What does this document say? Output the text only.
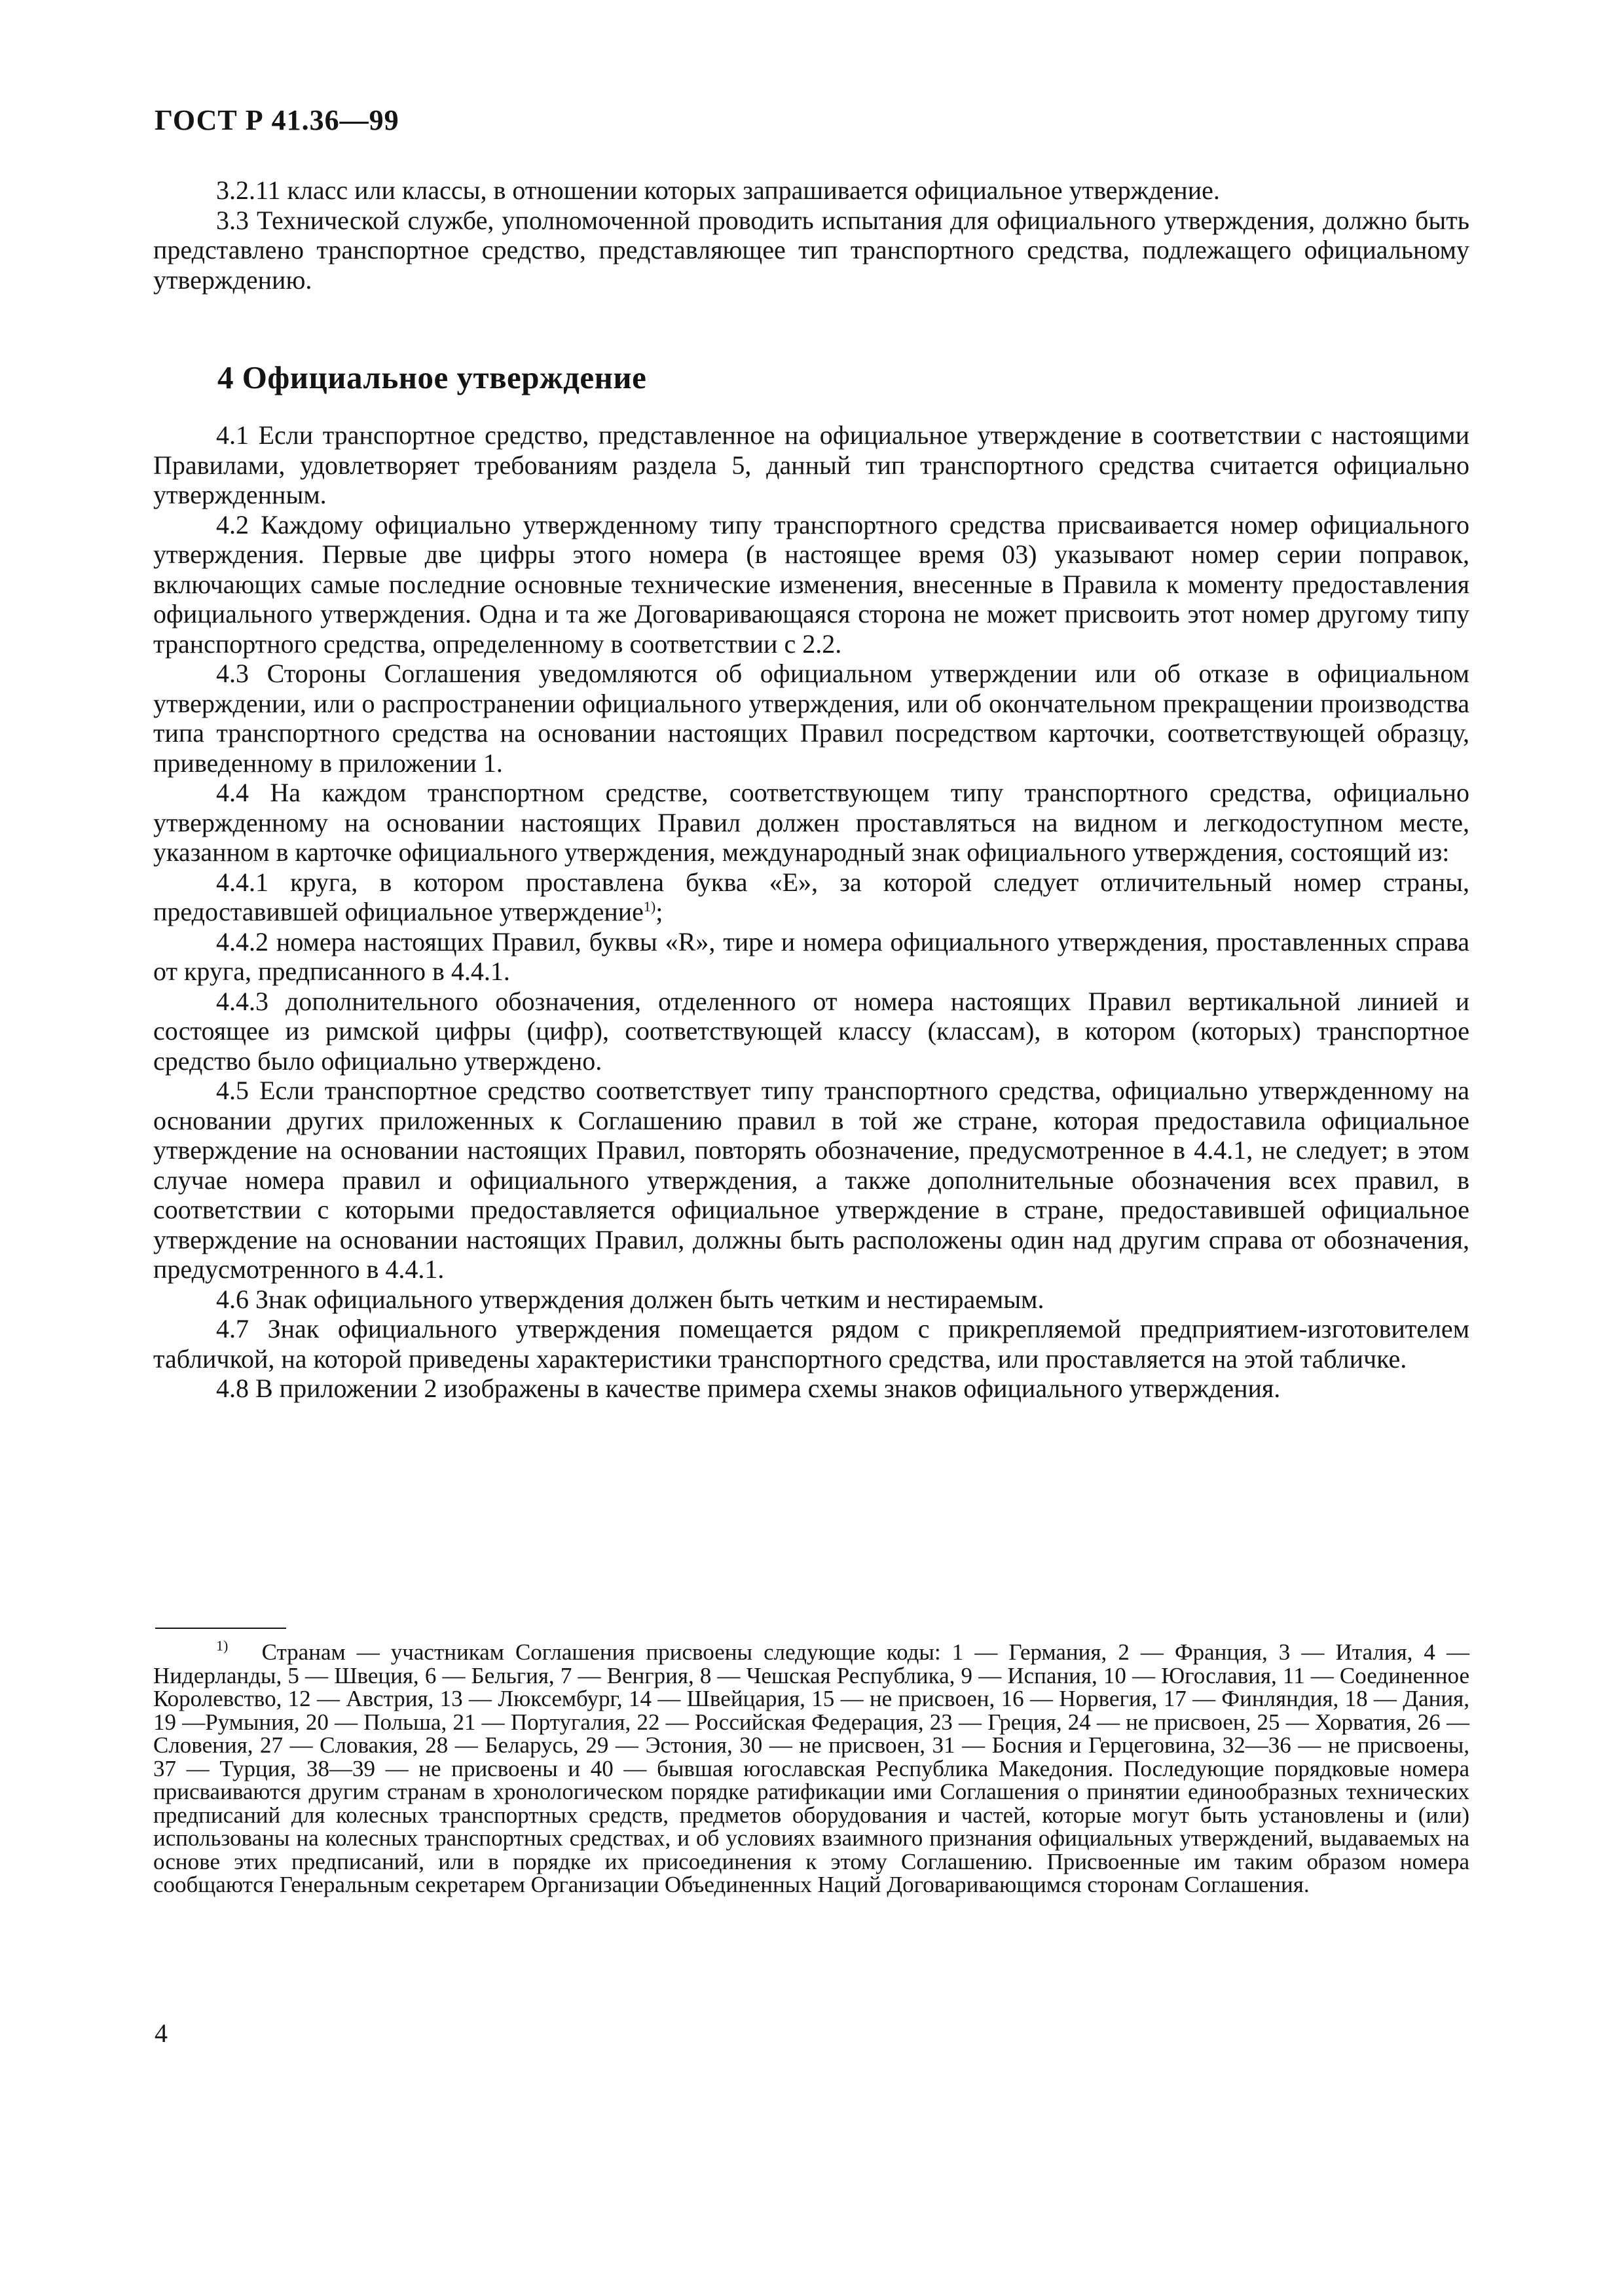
ГОСТ Р 41.36—99

3.2.11 класс или классы, в отношении которых запрашивается официальное утверждение.

3.3 Технической службе, уполномоченной проводить испытания для официального утверждения, должно быть представлено транспортное средство, представляющее тип транспортного средства, подлежащего официальному утверждению.

4 Официальное утверждение

4.1 Если транспортное средство, представленное на официальное утверждение в соответствии с настоящими Правилами, удовлетворяет требованиям раздела 5, данный тип транспортного средства считается официально утвержденным.

4.2 Каждому официально утвержденному типу транспортного средства присваивается номер официального утверждения. Первые две цифры этого номера (в настоящее время 03) указывают номер серии поправок, включающих самые последние основные технические изменения, внесенные в Правила к моменту предоставления официального утверждения. Одна и та же Договаривающаяся сторона не может присвоить этот номер другому типу транспортного средства, определенному в соответствии с 2.2.

4.3 Стороны Соглашения уведомляются об официальном утверждении или об отказе в официальном утверждении, или о распространении официального утверждения, или об окончательном прекращении производства типа транспортного средства на основании настоящих Правил посредством карточки, соответствующей образцу, приведенному в приложении 1.

4.4 На каждом транспортном средстве, соответствующем типу транспортного средства, официально утвержденному на основании настоящих Правил должен проставляться на видном и легкодоступном месте, указанном в карточке официального утверждения, международный знак официального утверждения, состоящий из:

4.4.1 круга, в котором проставлена буква «Е», за которой следует отличительный номер страны, предоставившей официальное утверждение$^{1)}$;

4.4.2 номера настоящих Правил, буквы «R», тире и номера официального утверждения, проставленных справа от круга, предписанного в 4.4.1.

4.4.3 дополнительного обозначения, отделенного от номера настоящих Правил вертикальной линией и состоящее из римской цифры (цифр), соответствующей классу (классам), в котором (которых) транспортное средство было официально утверждено.

4.5 Если транспортное средство соответствует типу транспортного средства, официально утвержденному на основании других приложенных к Соглашению правил в той же стране, которая предоставила официальное утверждение на основании настоящих Правил, повторять обозначение, предусмотренное в 4.4.1, не следует; в этом случае номера правил и официального утверждения, а также дополнительные обозначения всех правил, в соответствии с которыми предоставляется официальное утверждение в стране, предоставившей официальное утверждение на основании настоящих Правил, должны быть расположены один над другим справа от обозначения, предусмотренного в 4.4.1.

4.6 Знак официального утверждения должен быть четким и нестираемым.

4.7 Знак официального утверждения помещается рядом с прикрепляемой предприятием-изготовителем табличкой, на которой приведены характеристики транспортного средства, или проставляется на этой табличке.

4.8 В приложении 2 изображены в качестве примера схемы знаков официального утверждения.

$^{1)}$ Странам — участникам Соглашения присвоены следующие коды: 1 — Германия, 2 — Франция, 3 — Италия, 4 — Нидерланды, 5 — Швеция, 6 — Бельгия, 7 — Венгрия, 8 — Чешская Республика, 9 — Испания, 10 — Югославия, 11 — Соединенное Королевство, 12 — Австрия, 13 — Люксембург, 14 — Швейцария, 15 — не присвоен, 16 — Норвегия, 17 — Финляндия, 18 — Дания, 19 —Румыния, 20 — Польша, 21 — Португалия, 22 — Российская Федерация, 23 — Греция, 24 — не присвоен, 25 — Хорватия, 26 — Словения, 27 — Словакия, 28 — Беларусь, 29 — Эстония, 30 — не присвоен, 31 — Босния и Герцеговина, 32—36 — не присвоены, 37 — Турция, 38—39 — не присвоены и 40 — бывшая югославская Республика Македония. Последующие порядковые номера присваиваются другим странам в хронологическом порядке ратификации ими Соглашения о принятии единообразных технических предписаний для колесных транспортных средств, предметов оборудования и частей, которые могут быть установлены и (или) использованы на колесных транспортных средствах, и об условиях взаимного признания официальных утверждений, выдаваемых на основе этих предписаний, или в порядке их присоединения к этому Соглашению. Присвоенные им таким образом номера сообщаются Генеральным секретарем Организации Объединенных Наций Договаривающимся сторонам Соглашения.

4
